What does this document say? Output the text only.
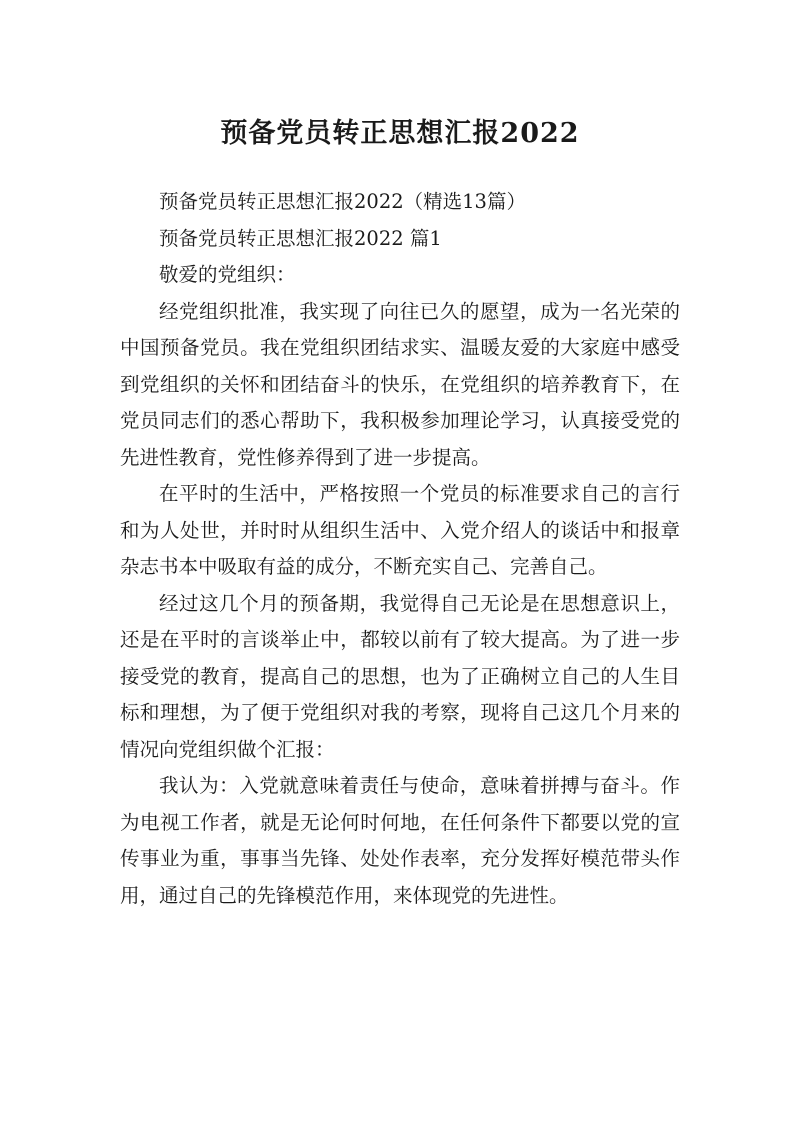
预备党员转正思想汇报2022

预备党员转正思想汇报2022（精选13篇）

预备党员转正思想汇报2022 篇1

敬爱的党组织：

经党组织批准，我实现了向往已久的愿望，成为一名光荣的中国预备党员。我在党组织团结求实、温暖友爱的大家庭中感受到党组织的关怀和团结奋斗的快乐，在党组织的培养教育下，在党员同志们的悉心帮助下，我积极参加理论学习，认真接受党的先进性教育，党性修养得到了进一步提高。

在平时的生活中，严格按照一个党员的标准要求自己的言行和为人处世，并时时从组织生活中、入党介绍人的谈话中和报章杂志书本中吸取有益的成分，不断充实自己、完善自己。

经过这几个月的预备期，我觉得自己无论是在思想意识上，还是在平时的言谈举止中，都较以前有了较大提高。为了进一步接受党的教育，提高自己的思想，也为了正确树立自己的人生目标和理想，为了便于党组织对我的考察，现将自己这几个月来的情况向党组织做个汇报：

我认为：入党就意味着责任与使命，意味着拼搏与奋斗。作为电视工作者，就是无论何时何地，在任何条件下都要以党的宣传事业为重，事事当先锋、处处作表率，充分发挥好模范带头作用，通过自己的先锋模范作用，来体现党的先进性。
